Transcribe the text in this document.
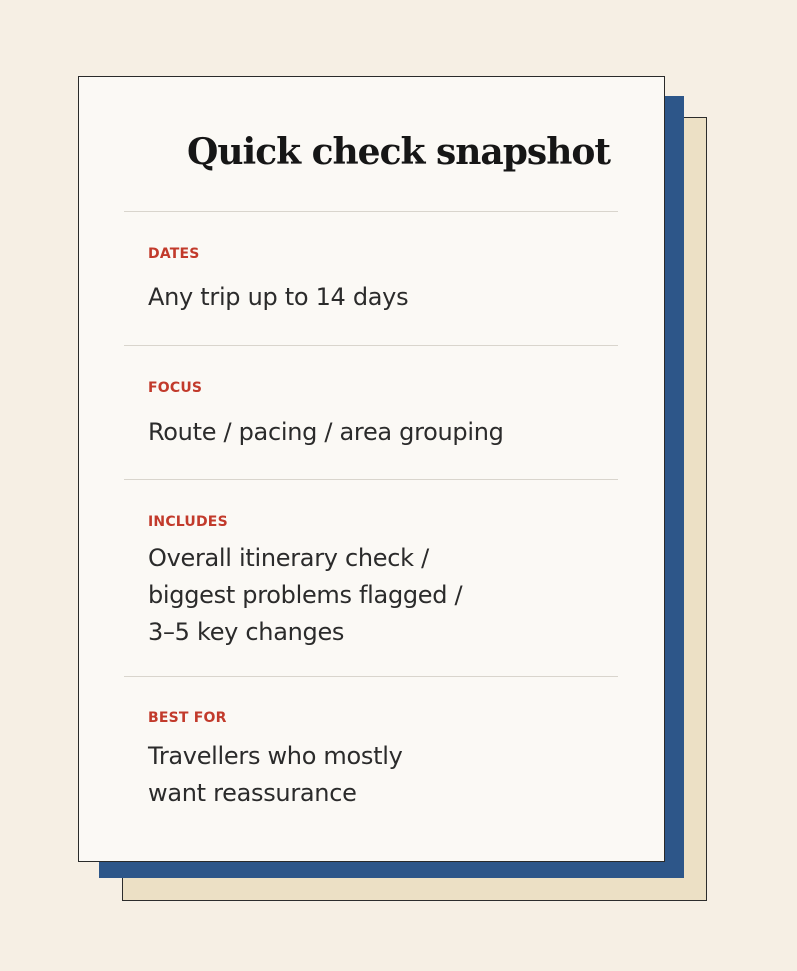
Quick check snapshot
DATES
Any trip up to 14 days
FOCUS
Route / pacing / area grouping
INCLUDES
Overall itinerary check /
biggest problems flagged /
3–5 key changes
BEST FOR
Travellers who mostly
want reassurance
